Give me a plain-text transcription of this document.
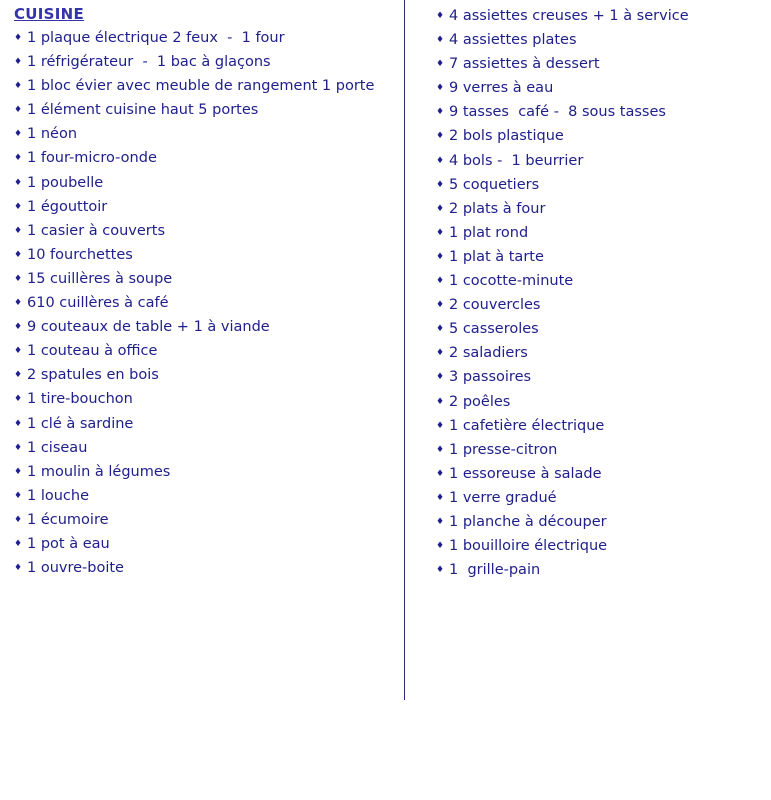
CUISINE
♦ 1 plaque électrique 2 feux  -  1 four
♦ 1 réfrigérateur  -  1 bac à glaçons
♦ 1 bloc évier avec meuble de rangement 1 porte
♦ 1 élément cuisine haut 5 portes
♦ 1 néon
♦ 1 four-micro-onde
♦ 1 poubelle
♦ 1 égouttoir
♦ 1 casier à couverts
♦ 10 fourchettes
♦ 15 cuillères à soupe
♦ 610 cuillères à café
♦ 9 couteaux de table + 1 à viande
♦ 1 couteau à office
♦ 2 spatules en bois
♦ 1 tire-bouchon
♦ 1 clé à sardine
♦ 1 ciseau
♦ 1 moulin à légumes
♦ 1 louche
♦ 1 écumoire
♦ 1 pot à eau
♦ 1 ouvre-boite
♦ 4 assiettes creuses + 1 à service
♦ 4 assiettes plates
♦ 7 assiettes à dessert
♦ 9 verres à eau
♦ 9 tasses  café -  8 sous tasses
♦ 2 bols plastique
♦ 4 bols -  1 beurrier
♦ 5 coquetiers
♦ 2 plats à four
♦ 1 plat rond
♦ 1 plat à tarte
♦ 1 cocotte-minute
♦ 2 couvercles
♦ 5 casseroles
♦ 2 saladiers
♦ 3 passoires
♦ 2 poêles
♦ 1 cafetière électrique
♦ 1 presse-citron
♦ 1 essoreuse à salade
♦ 1 verre gradué
♦ 1 planche à découper
♦ 1 bouilloire électrique
♦ 1  grille-pain
